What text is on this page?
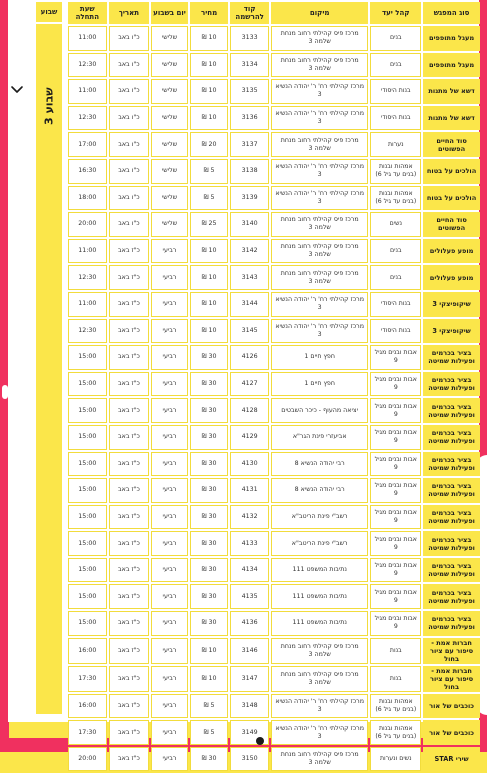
שבוע
שבוע 3
סוג המפגש	קהל יעד	מיקום	קוד להרשמה	מחיר	יום בשבוע	תאריך	שעת התחלה
מעגל מתופפים	בנים	מרכז פיס קהילתי רחוב מנחת שלמה 3	3133	10 ₪	שלישי	כ"ו באב	11:00
מעגל מתופפים	בנים	מרכז פיס קהילתי רחוב מנחת שלמה 3	3134	10 ₪	שלישי	כ"ו באב	12:30
דשא של מתנות	בנות היסודי	מרכז קהילתי רח' ר' יהודה הנשיא 3	3135	10 ₪	שלישי	כ"ו באב	11:00
דשא של מתנות	בנות היסודי	מרכז קהילתי רח' ר' יהודה הנשיא 3	3136	10 ₪	שלישי	כ"ו באב	12:30
סוד החיים הפשוטים	נערות	מרכז פיס קהילתי רחוב מנחת שלמה 3	3137	20 ₪	שלישי	כ"ו באב	17:00
הולכים על בטוח	אמהות ובנות (בנים עד גיל 6)	מרכז קהילתי רח' ר' יהודה הנשיא 3	3138	5 ₪	שלישי	כ"ו באב	16:30
הולכים על בטוח	אמהות ובנות (בנים עד גיל 6)	מרכז קהילתי רח' ר' יהודה הנשיא 3	3139	5 ₪	שלישי	כ"ו באב	18:00
סוד החיים הפשוטים	נשים	מרכז פיס קהילתי רחוב מנחת שלמה 3	3140	25 ₪	שלישי	כ"ו באב	20:00
מופע פעלולים	בנים	מרכז פיס קהילתי רחוב מנחת שלמה 3	3142	10 ₪	רביעי	כ"ז באב	11:00
מופע פעלולים	בנים	מרכז פיס קהילתי רחוב מנחת שלמה 3	3143	10 ₪	רביעי	כ"ז באב	12:30
שיקופיצקי 3	בנות היסודי	מרכז קהילתי רח' ר' יהודה הנשיא 3	3144	10 ₪	רביעי	כ"ז באב	11:00
שיקופיצקי 3	בנות היסודי	מרכז קהילתי רח' ר' יהודה הנשיא 3	3145	10 ₪	רביעי	כ"ז באב	12:30
בציר בכרמים ופעילות שמיטה	אבות ובנים מגיל 9	חפץ חיים 1	4126	30 ₪	רביעי	כ"ז באב	15:00
בציר בכרמים ופעילות שמיטה	אבות ובנים מגיל 9	חפץ חיים 1	4127	30 ₪	רביעי	כ"ז באב	15:00
בציר בכרמים ופעילות שמיטה	אבות ובנים מגיל 9	יציאה מהעוף - כיכר השבטים	4128	30 ₪	רביעי	כ"ז באב	15:00
בציר בכרמים ופעילות שמיטה	אבות ובנים מגיל 9	אביעזרי פינת הגר"א	4129	30 ₪	רביעי	כ"ז באב	15:00
בציר בכרמים ופעילות שמיטה	אבות ובנים מגיל 9	רבי יהודה הנשיא 8	4130	30 ₪	רביעי	כ"ז באב	15:00
בציר בכרמים ופעילות שמיטה	אבות ובנים מגיל 9	רבי יהודה הנשיא 8	4131	30 ₪	רביעי	כ"ז באב	15:00
בציר בכרמים ופעילות שמיטה	אבות ובנים מגיל 9	רשב"י פינת הריטב"א	4132	30 ₪	רביעי	כ"ז באב	15:00
בציר בכרמים ופעילות שמיטה	אבות ובנים מגיל 9	רשב"י פינת הריטב"א	4133	30 ₪	רביעי	כ"ז באב	15:00
בציר בכרמים ופעילות שמיטה	אבות ובנים מגיל 9	נתיבות המשפט 111	4134	30 ₪	רביעי	כ"ז באב	15:00
בציר בכרמים ופעילות שמיטה	אבות ובנים מגיל 9	נתיבות המשפט 111	4135	30 ₪	רביעי	כ"ז באב	15:00
בציר בכרמים ופעילות שמיטה	אבות ובנים מגיל 9	נתיבות המשפט 111	4136	30 ₪	רביעי	כ"ז באב	15:00
חברות אמת - סיפור עם ציור בחול	בנות	מרכז פיס קהילתי רחוב מנחת שלמה 3	3146	10 ₪	רביעי	כ"ז באב	16:00
חברות אמת - סיפור עם ציור בחול	בנות	מרכז פיס קהילתי רחוב מנחת שלמה 3	3147	10 ₪	רביעי	כ"ז באב	17:30
כוכבים של אור	אמהות ובנות (בנים עד גיל 6)	מרכז קהילתי רח' ר' יהודה הנשיא 3	3148	5 ₪	רביעי	כ"ז באב	16:00
כוכבים של אור	אמהות ובנות (בנים עד גיל 6)	מרכז קהילתי רח' ר' יהודה הנשיא 3	3149	5 ₪	רביעי	כ"ז באב	17:30
שירי STAR	נשים ונערות	מרכז פיס קהילתי רחוב מנחת שלמה 3	3150	30 ₪	רביעי	כ"ז באב	20:00
